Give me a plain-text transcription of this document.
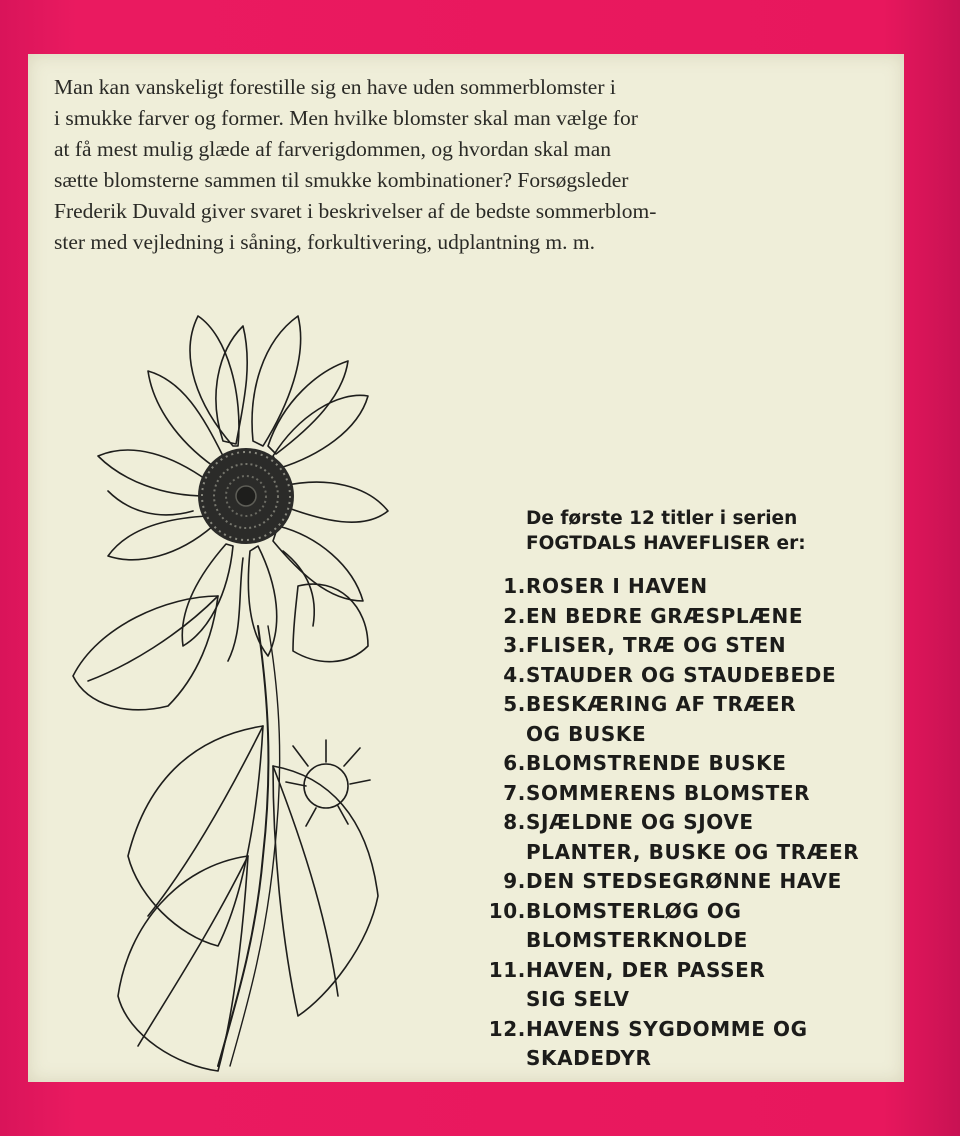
Man kan vanskeligt forestille sig en have uden sommerblomster i
i smukke farver og former. Men hvilke blomster skal man vælge for
at få mest mulig glæde af farverigdommen, og hvordan skal man
sætte blomsterne sammen til smukke kombinationer? Forsøgsleder
Frederik Duvald giver svaret i beskrivelser af de bedste sommerblom-
ster med vejledning i såning, forkultivering, udplantning m. m.
De første 12 titler i serien
FOGTDALS HAVEFLISER er:
1. ROSER I HAVEN
2. EN BEDRE GRÆSPLÆNE
3. FLISER, TRÆ OG STEN
4. STAUDER OG STAUDEBEDE
5. BESKÆRING AF TRÆER
OG BUSKE
6. BLOMSTRENDE BUSKE
7. SOMMERENS BLOMSTER
8. SJÆLDNE OG SJOVE
PLANTER, BUSKE OG TRÆER
9. DEN STEDSEGRØNNE HAVE
10. BLOMSTERLØG OG
BLOMSTERKNOLDE
11. HAVEN, DER PASSER
SIG SELV
12. HAVENS SYGDOMME OG
SKADEDYR
